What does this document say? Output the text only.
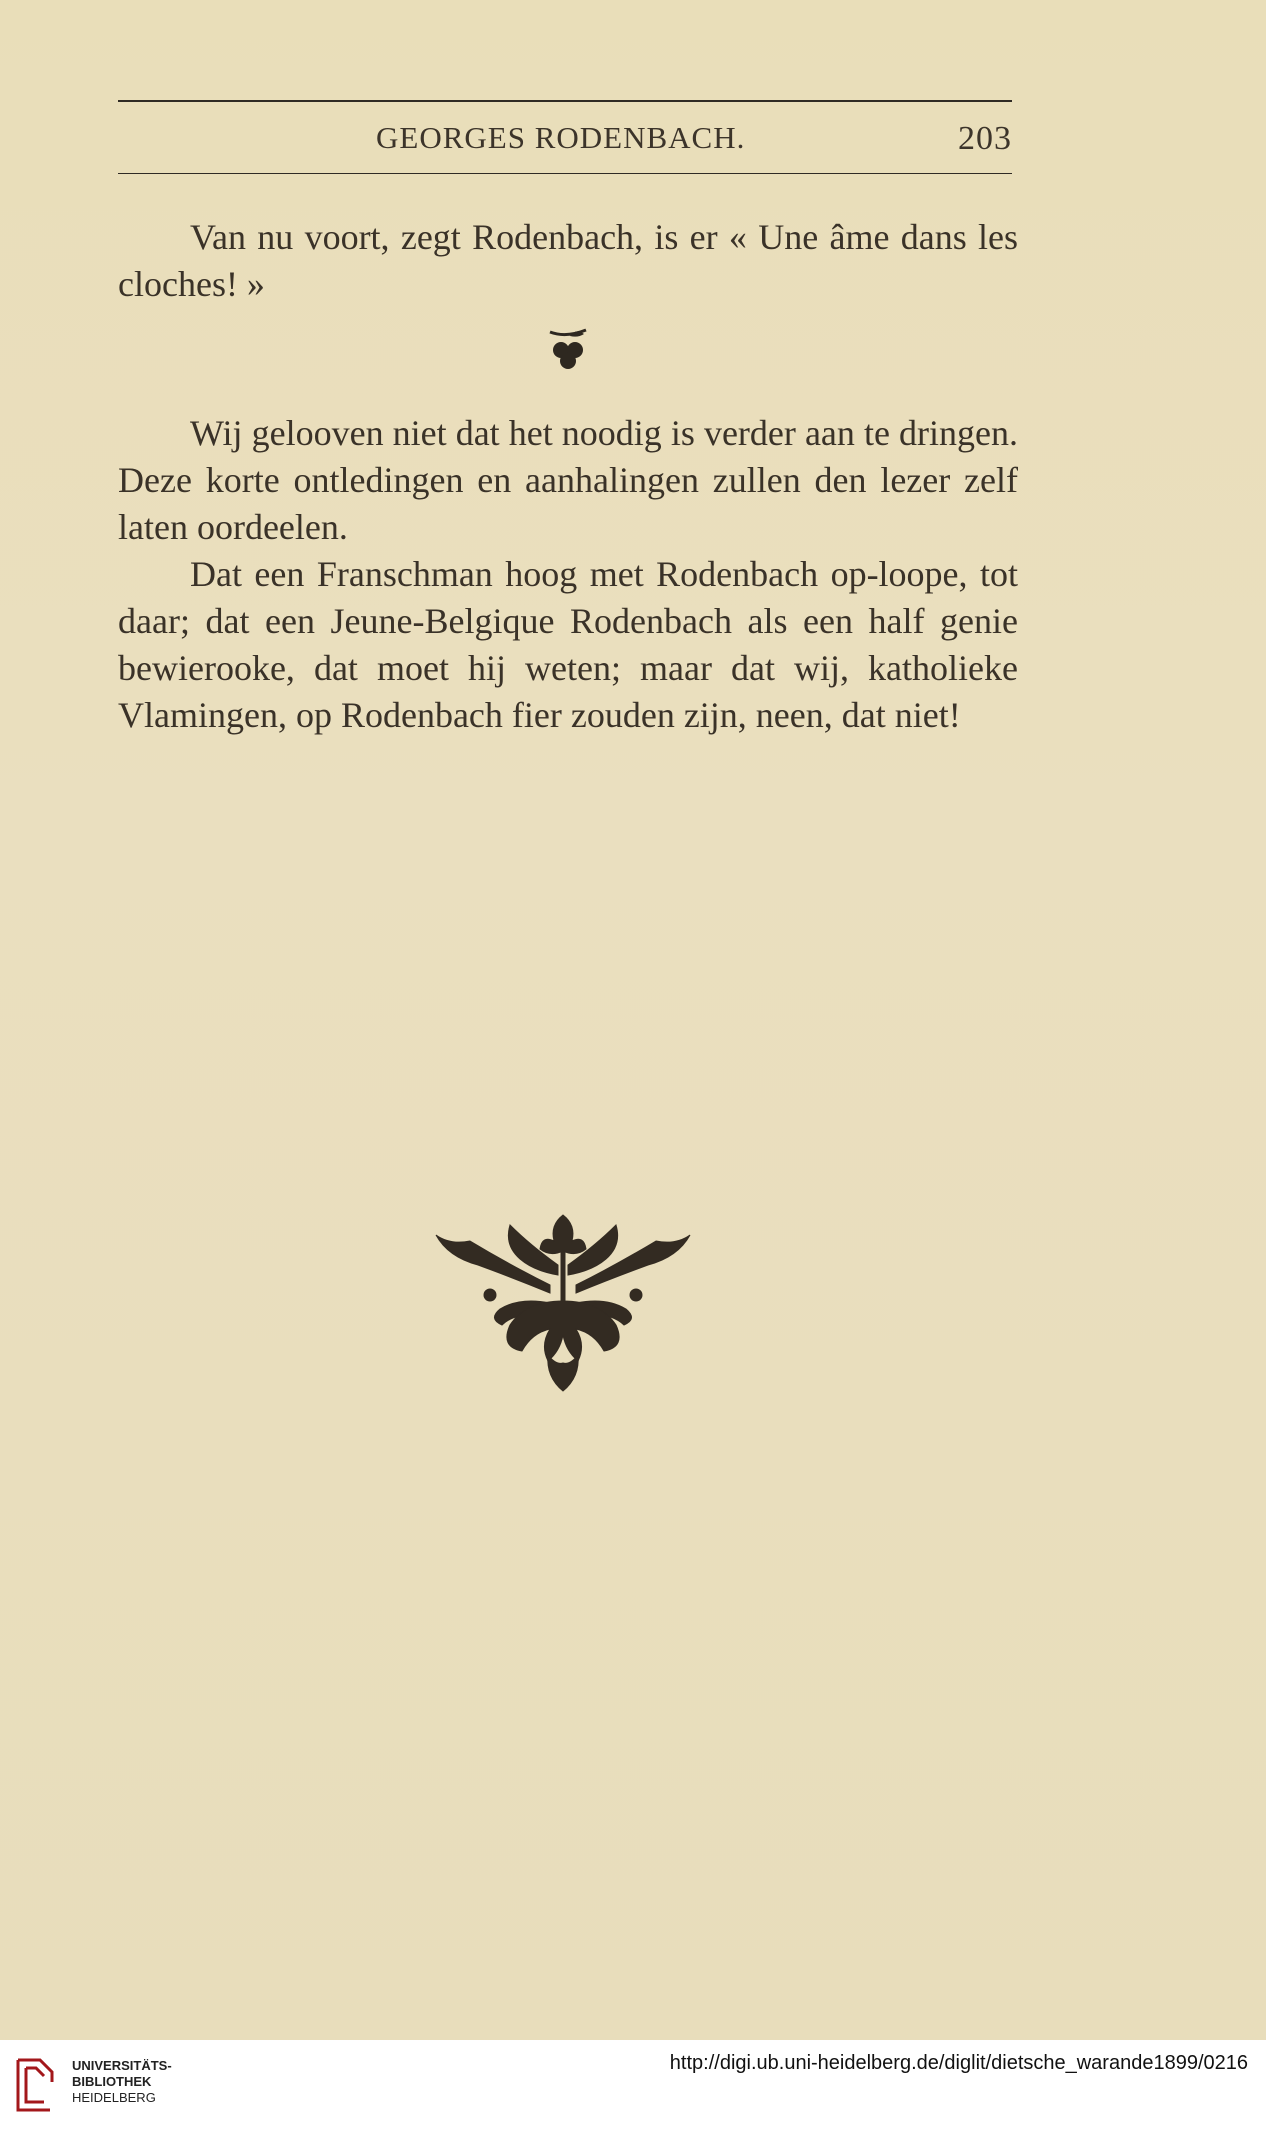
GEORGES RODENBACH.	203

Van nu voort, zegt Rodenbach, is er « Une âme dans les cloches! »

Wij gelooven niet dat het noodig is verder aan te dringen. Deze korte ontledingen en aanhalingen zullen den lezer zelf laten oordeelen.

Dat een Franschman hoog met Rodenbach op-loope, tot daar; dat een Jeune-Belgique Rodenbach als een half genie bewierooke, dat moet hij weten; maar dat wij, katholieke Vlamingen, op Rodenbach fier zouden zijn, neen, dat niet!

UNIVERSITÄTS-
BIBLIOTHEK
HEIDELBERG
http://digi.ub.uni-heidelberg.de/diglit/dietsche_warande1899/0216
